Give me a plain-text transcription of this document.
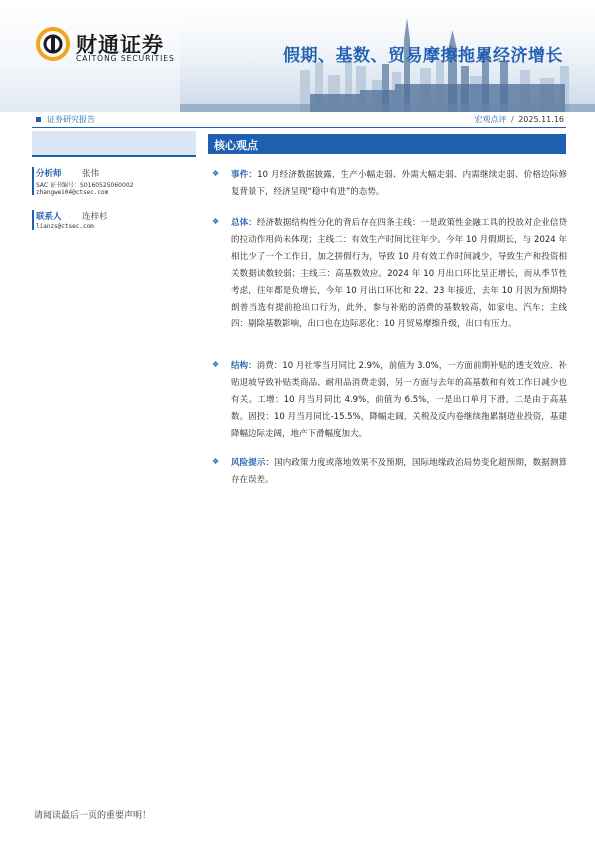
财通证券
CAITONG SECURITIES	假期、基数、贸易摩擦拖累经济增长
证券研究报告	宏观点评 / 2025.11.16
分析师 张伟
SAC 证书编号：S0160525060002
zhangwei04@ctsec.com
联系人 连梓杉
lianzs@ctsec.com
核心观点
❖ 事件：10 月经济数据披露，生产小幅走弱、外需大幅走弱、内需继续走弱、价格边际修复背景下，经济呈现“稳中有进”的态势。

❖ 总体：经济数据结构性分化的背后存在四条主线：一是政策性金融工具的投放对企业信贷的拉动作用尚未体现；主线二：有效生产时间比往年少。今年 10 月假期长，与 2024 年相比少了一个工作日，加之拼假行为，导致 10 月有效工作时间减少，导致生产和投资相关数据读数较弱；主线三：高基数效应。2024 年 10 月出口环比呈正增长，而从季节性考虑，往年都是负增长，今年 10 月出口环比和 22、23 年接近，去年 10 月因为预期特朗普当选有提前抢出口行为，此外，参与补贴的消费的基数较高，如家电、汽车；主线四：剔除基数影响，出口也在边际恶化：10 月贸易摩擦升级，出口有压力。

❖ 结构：消费：10 月社零当月同比 2.9%，前值为 3.0%，一方面前期补贴的透支效应、补贴退坡导致补贴类商品、耐用品消费走弱，另一方面与去年的高基数和有效工作日减少也有关。工增：10 月当月同比 4.9%，前值为 6.5%，一是出口单月下滑，二是由于高基数。固投：10 月当月同比-15.5%，降幅走阔，关税及反内卷继续拖累制造业投资，基建降幅边际走阔，地产下滑幅度加大。

❖ 风险提示：国内政策力度或落地效果不及预期，国际地缘政治局势变化超预期，数据测算存在误差。

请阅读最后一页的重要声明！
